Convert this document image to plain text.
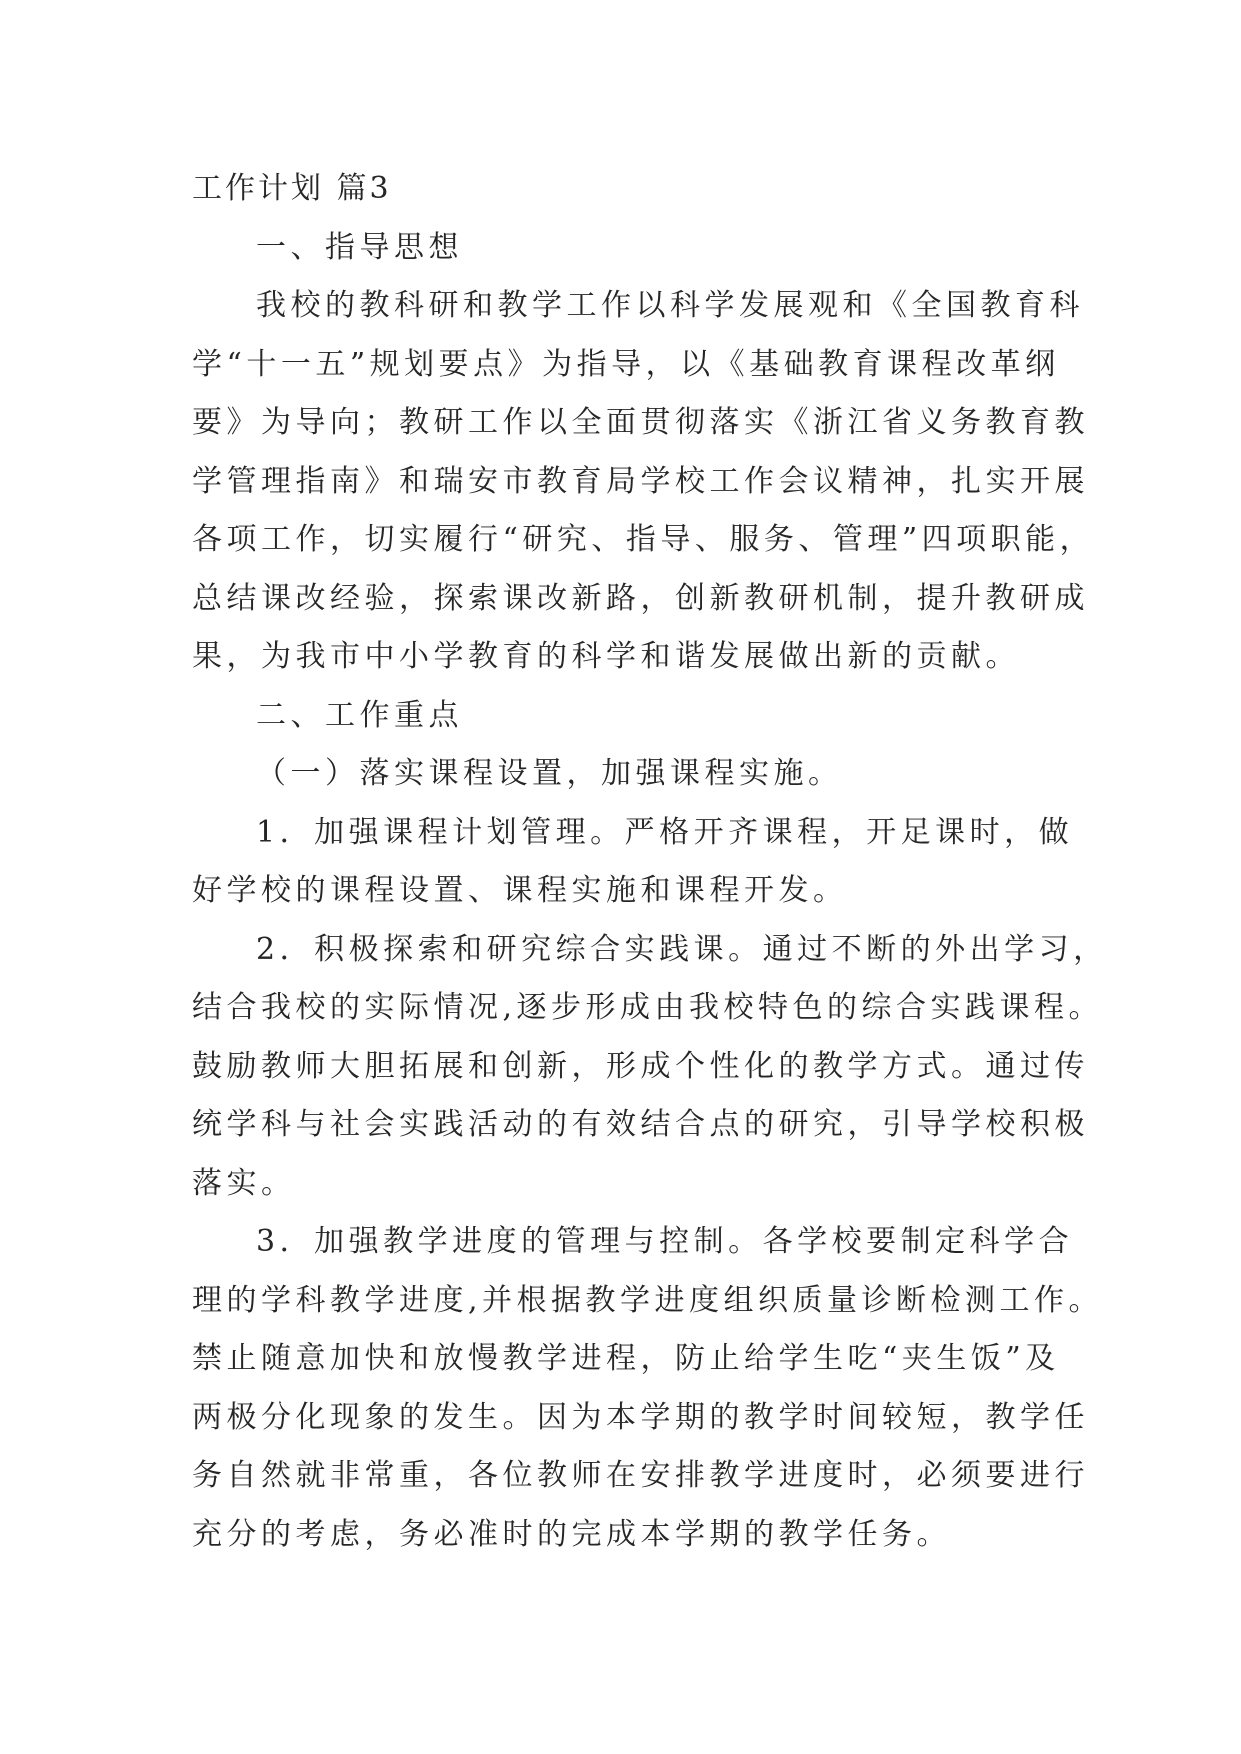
工作计划 篇3

一、指导思想

我校的教科研和教学工作以科学发展观和《全国教育科

学“十一五”规划要点》为指导，以《基础教育课程改革纲

要》为导向；教研工作以全面贯彻落实《浙江省义务教育教

学管理指南》和瑞安市教育局学校工作会议精神，扎实开展

各项工作，切实履行“研究、指导、服务、管理”四项职能，

总结课改经验，探索课改新路，创新教研机制，提升教研成

果，为我市中小学教育的科学和谐发展做出新的贡献。

二、工作重点

（一）落实课程设置，加强课程实施。

1．加强课程计划管理。严格开齐课程，开足课时，做

好学校的课程设置、课程实施和课程开发。

2．积极探索和研究综合实践课。通过不断的外出学习，

结合我校的实际情况,逐步形成由我校特色的综合实践课程。

鼓励教师大胆拓展和创新，形成个性化的教学方式。通过传

统学科与社会实践活动的有效结合点的研究，引导学校积极

落实。

3．加强教学进度的管理与控制。各学校要制定科学合

理的学科教学进度,并根据教学进度组织质量诊断检测工作。

禁止随意加快和放慢教学进程，防止给学生吃“夹生饭”及

两极分化现象的发生。因为本学期的教学时间较短，教学任

务自然就非常重，各位教师在安排教学进度时，必须要进行

充分的考虑，务必准时的完成本学期的教学任务。
